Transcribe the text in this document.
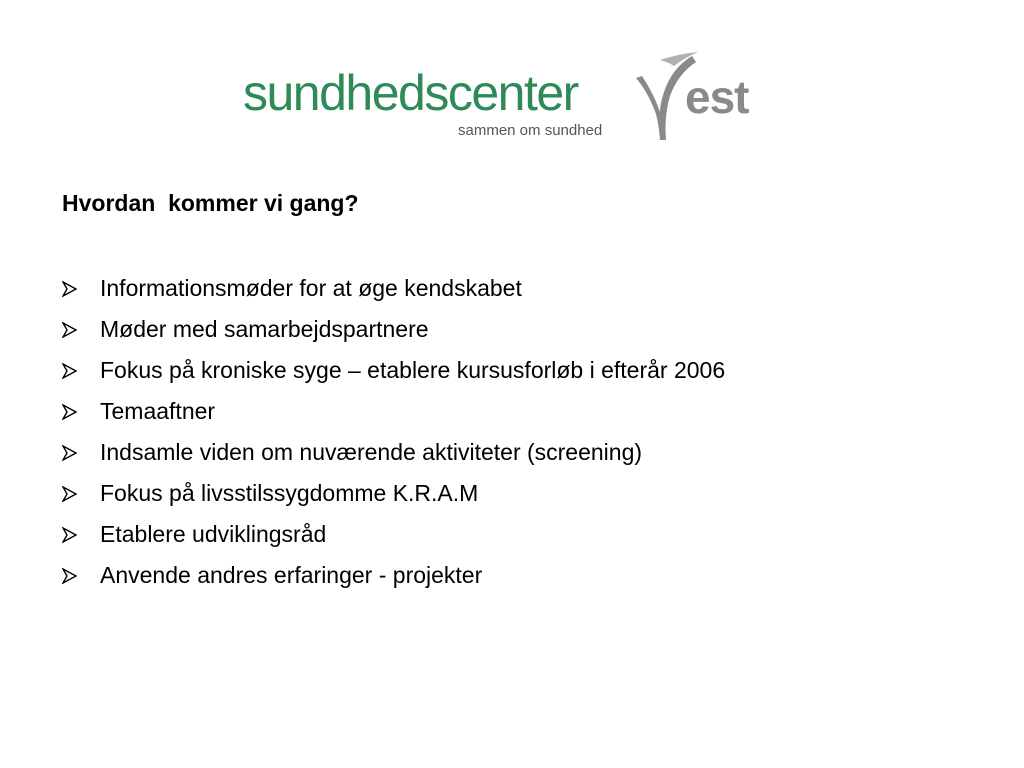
sundhedscenter est
sammen om sundhed
Hvordan  kommer vi gang?
Informationsmøder for at øge kendskabet
Møder med samarbejdspartnere
Fokus på kroniske syge – etablere kursusforløb i efterår 2006
Temaaftner
Indsamle viden om nuværende aktiviteter (screening)
Fokus på livsstilssygdomme K.R.A.M
Etablere udviklingsråd
Anvende andres erfaringer - projekter
